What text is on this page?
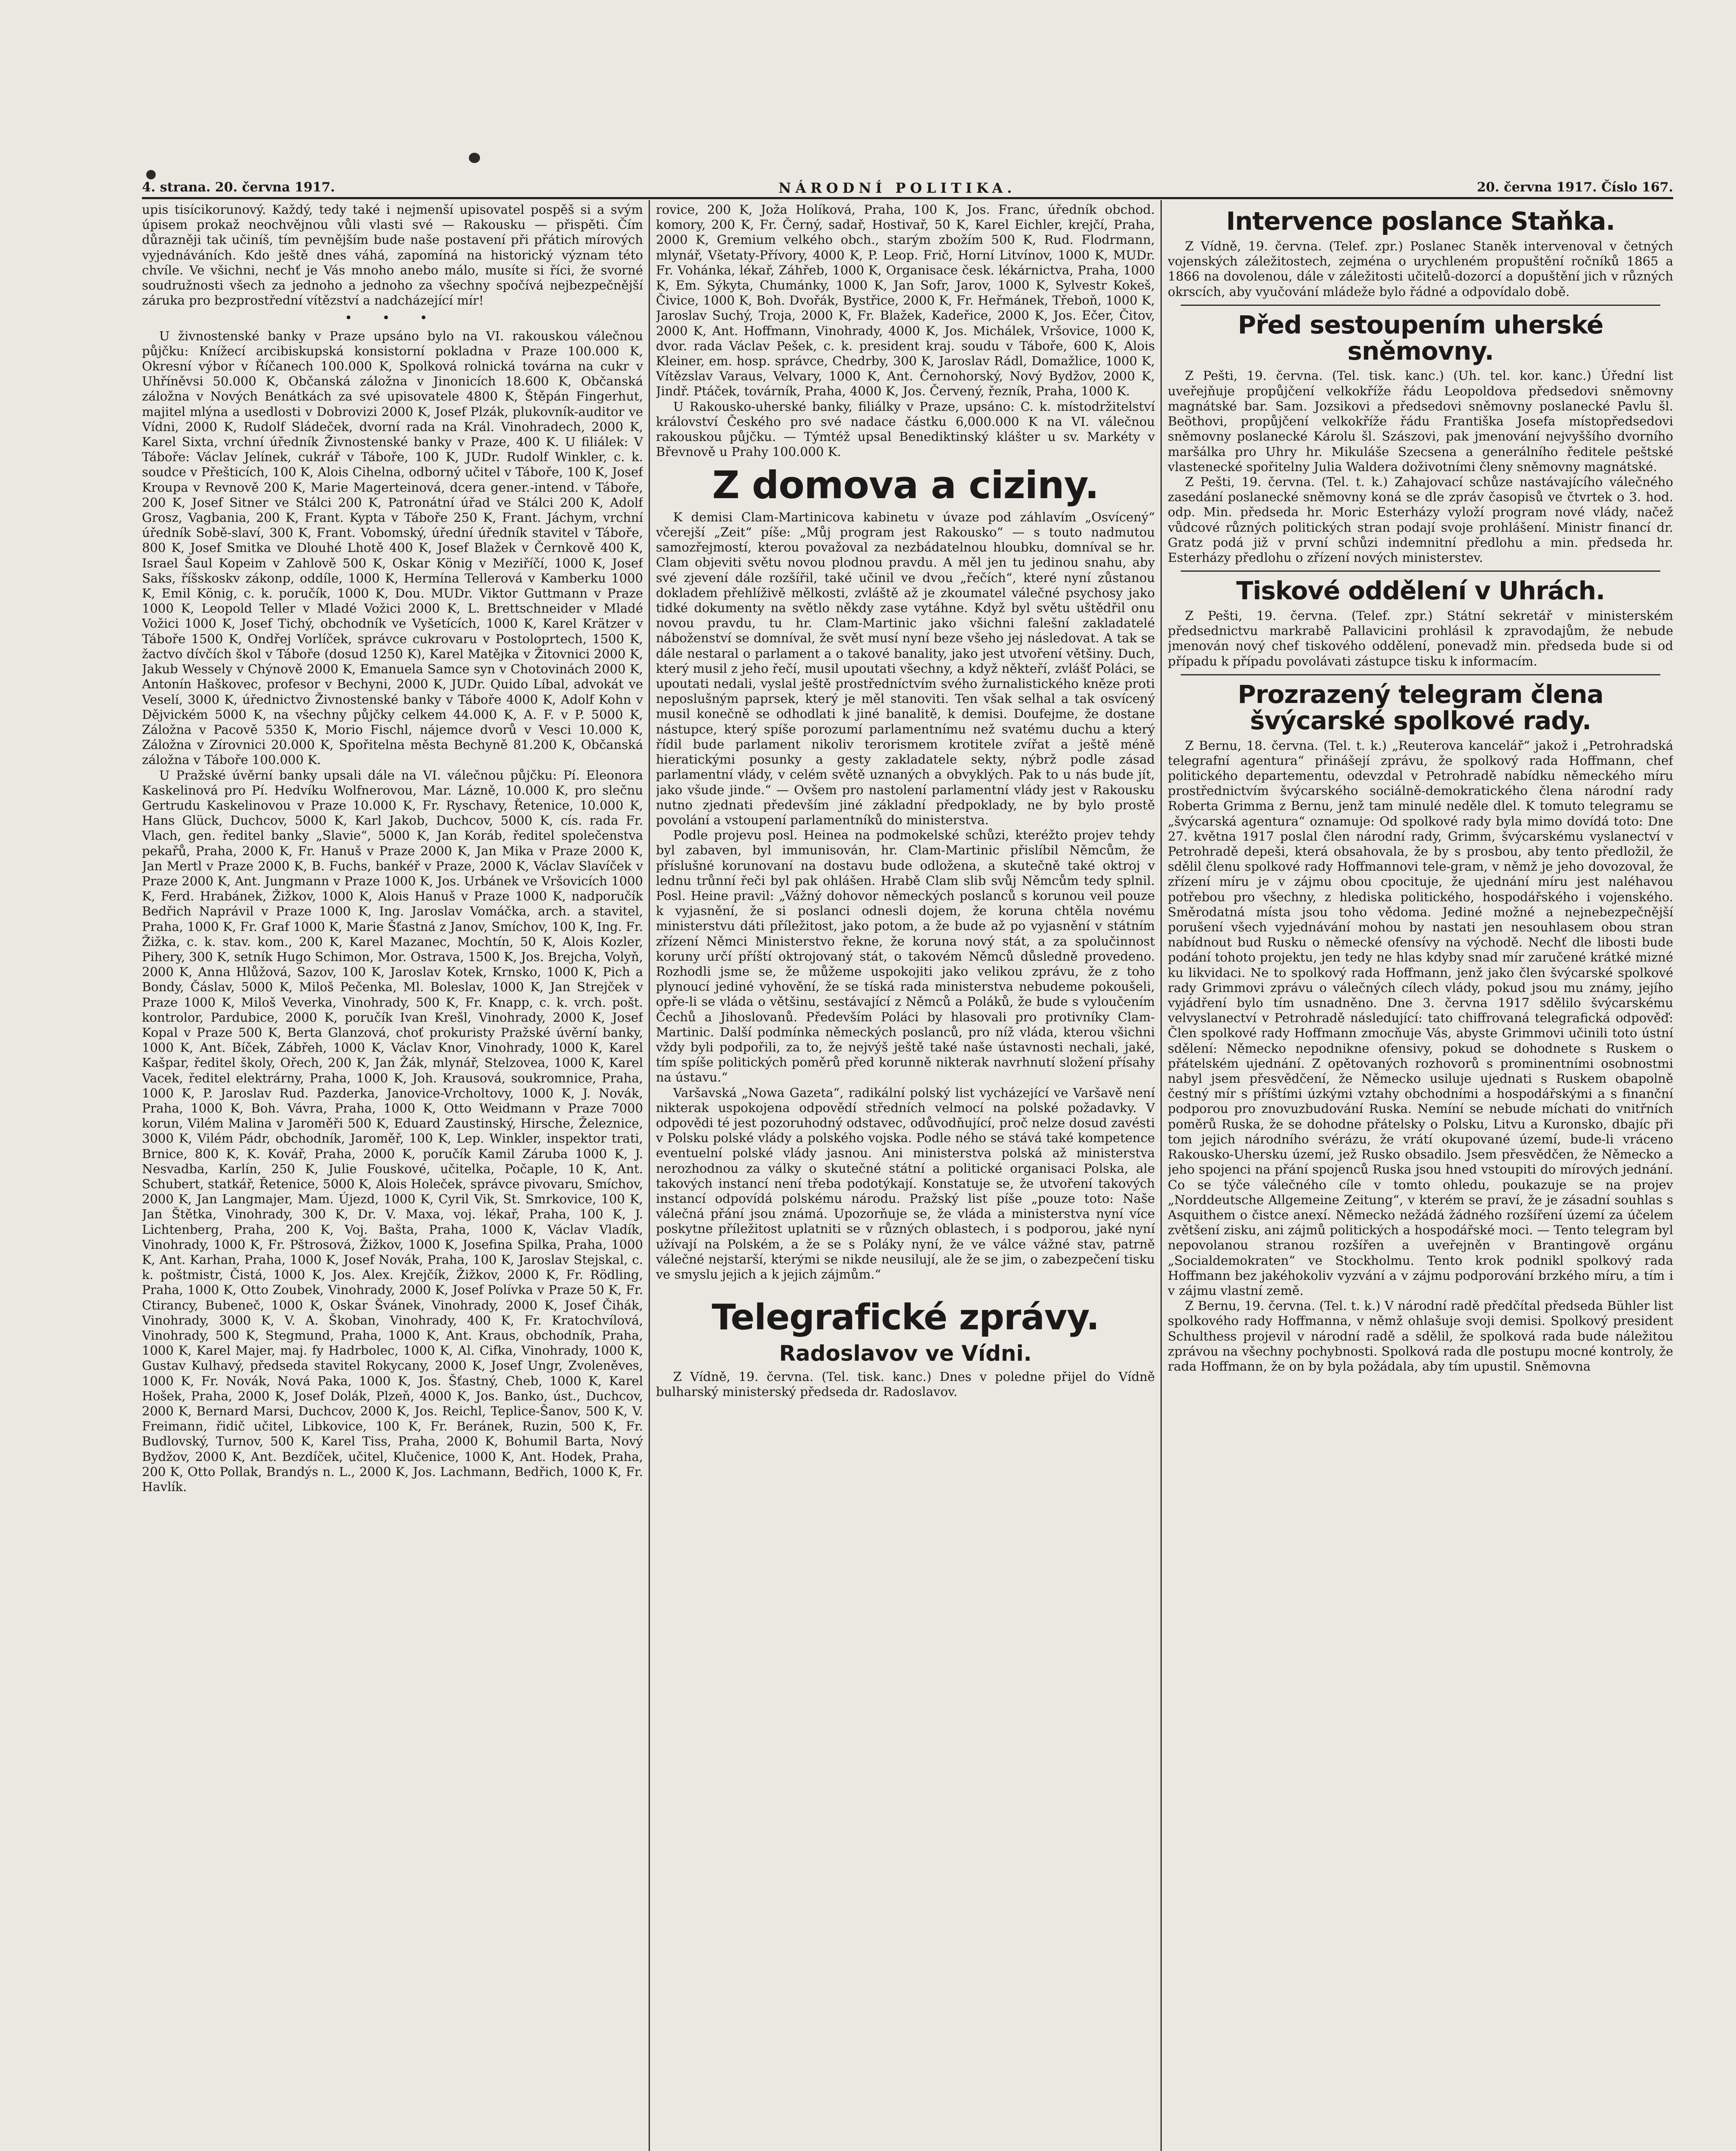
4. strana. 20. června 1917.	NÁRODNÍ POLITIKA.	20. června 1917. Číslo 167.

upis tisícikorunový. Každý, tedy také i nejmenší upisovatel pospěš si a svým úpisem prokaž neochvějnou vůli vlasti své — Rakousku — přispěti. Čím důrazněji tak učiníš, tím pevnějším bude naše postavení při přátich mírových vyjednáváních. Kdo ještě dnes váhá, zapomíná na historický význam této chvíle. Ve všichni, nechť je Vás mnoho anebo málo, musíte si říci, že svorné soudružnosti všech za jednoho a jednoho za všechny spočívá nejbezpečnější záruka pro bezprostřední vítězství a nadcházející mír!

• • •

U živnostenské banky v Praze upsáno bylo na VI. rakouskou válečnou půjčku: Knížecí arcibiskupská konsistorní pokladna v Praze 100.000 K, Okresní výbor v Říčanech 100.000 K, Spolková rolnická továrna na cukr v Uhříněvsi 50.000 K, Občanská záložna v Jinonicích 18.600 K, Občanská záložna v Nových Benátkách za své upisovatele 4800 K, Štěpán Fingerhut, majitel mlýna a usedlosti v Dobrovizi 2000 K, Josef Plzák, plukovník-auditor ve Vídni, 2000 K, Rudolf Sládeček, dvorní rada na Král. Vinohradech, 2000 K, Karel Sixta, vrchní úředník Živnostenské banky v Praze, 400 K. U filiálek: V Táboře: Václav Jelínek, cukrář v Táboře, 100 K, JUDr. Rudolf Winkler, c. k. soudce v Přešticích, 100 K, Alois Cihelna, odborný učitel v Táboře, 100 K, Josef Kroupa v Revnově 200 K, Marie Magerteinová, dcera gener.-intend. v Táboře, 200 K, Josef Sitner ve Stálci 200 K, Patronátní úřad ve Stálci 200 K, Adolf Grosz, Vagbania, 200 K, Frant. Kypta v Táboře 250 K, Frant. Jáchym, vrchní úředník Sobě-slaví, 300 K, Frant. Vobomský, úřední úředník stavitel v Táboře, 800 K, Josef Smitka ve Dlouhé Lhotě 400 K, Josef Blažek v Černkově 400 K, Israel Šaul Kopeim v Zahlově 500 K, Oskar König v Meziříčí, 1000 K, Josef Saks, říšskoskv zákonp, oddíle, 1000 K, Hermína Tellerová v Kamberku 1000 K, Emil König, c. k. poručík, 1000 K, Dou. MUDr. Viktor Guttmann v Praze 1000 K, Leopold Teller v Mladé Vožici 2000 K, L. Brettschneider v Mladé Vožici 1000 K, Josef Tichý, obchodník ve Vyšetících, 1000 K, Karel Krätzer v Táboře 1500 K, Ondřej Vorlíček, správce cukrovaru v Postoloprtech, 1500 K, žactvo dívčích škol v Táboře (dosud 1250 K), Karel Matějka v Žitovnici 2000 K, Jakub Wessely v Chýnově 2000 K, Emanuela Samce syn v Chotovinách 2000 K, Antonín Haškovec, profesor v Bechyni, 2000 K, JUDr. Quido Líbal, advokát ve Veselí, 3000 K, úřednictvo Živnostenské banky v Táboře 4000 K, Adolf Kohn v Dějvickém 5000 K, na všechny půjčky celkem 44.000 K, A. F. v P. 5000 K, Záložna v Pacově 5350 K, Morio Fischl, nájemce dvorů v Vesci 10.000 K, Záložna v Zírovnici 20.000 K, Spořitelna města Bechyně 81.200 K, Občanská záložna v Táboře 100.000 K.

U Pražské úvěrní banky upsali dále na VI. válečnou půjčku: Pí. Eleonora Kaskelinová pro Pí. Hedvíku Wolfnerovou, Mar. Lázně, 10.000 K, pro slečnu Gertrudu Kaskelinovou v Praze 10.000 K, Fr. Ryschavy, Řetenice, 10.000 K, Hans Glück, Duchcov, 5000 K, Karl Jakob, Duchcov, 5000 K, cís. rada Fr. Vlach, gen. ředitel banky „Slavie“, 5000 K, Jan Koráb, ředitel společenstva pekařů, Praha, 2000 K, Fr. Hanuš v Praze 2000 K, Jan Mika v Praze 2000 K, Jan Mertl v Praze 2000 K, B. Fuchs, bankéř v Praze, 2000 K, Václav Slavíček v Praze 2000 K, Ant. Jungmann v Praze 1000 K, Jos. Urbánek ve Vršovicích 1000 K, Ferd. Hrabánek, Žižkov, 1000 K, Alois Hanuš v Praze 1000 K, nadporučík Bedřich Naprávil v Praze 1000 K, Ing. Jaroslav Vomáčka, arch. a stavitel, Praha, 1000 K, Fr. Graf 1000 K, Marie Šťastná z Janov, Smíchov, 100 K, Ing. Fr. Žižka, c. k. stav. kom., 200 K, Karel Mazanec, Mochtín, 50 K, Alois Kozler, Pihery, 300 K, setník Hugo Schimon, Mor. Ostrava, 1500 K, Jos. Brejcha, Volyň, 2000 K, Anna Hlůžová, Sazov, 100 K, Jaroslav Kotek, Krnsko, 1000 K, Pich a Bondy, Čáslav, 5000 K, Miloš Pečenka, Ml. Boleslav, 1000 K, Jan Strejček v Praze 1000 K, Miloš Veverka, Vinohrady, 500 K, Fr. Knapp, c. k. vrch. pošt. kontrolor, Pardubice, 2000 K, poručík Ivan Krešl, Vinohrady, 2000 K, Josef Kopal v Praze 500 K, Berta Glanzová, choť prokuristy Pražské úvěrní banky, 1000 K, Ant. Bíček, Zábřeh, 1000 K, Václav Knor, Vinohrady, 1000 K, Karel Kašpar, ředitel školy, Ořech, 200 K, Jan Žák, mlynář, Stelzovea, 1000 K, Karel Vacek, ředitel elektrárny, Praha, 1000 K, Joh. Krausová, soukromnice, Praha, 1000 K, P. Jaroslav Rud. Pazderka, Janovice-Vrcholtovy, 1000 K, J. Novák, Praha, 1000 K, Boh. Vávra, Praha, 1000 K, Otto Weidmann v Praze 7000 korun, Vilém Malina v Jaroměři 500 K, Eduard Zaustinský, Hirsche, Železnice, 3000 K, Vilém Pádr, obchodník, Jaroměř, 100 K, Lep. Winkler, inspektor trati, Brnice, 800 K, K. Kovář, Praha, 2000 K, poručík Kamil Záruba 1000 K, J. Nesvadba, Karlín, 250 K, Julie Fouskové, učitelka, Počaple, 10 K, Ant. Schubert, statkář, Řetenice, 5000 K, Alois Holeček, správce pivovaru, Smíchov, 2000 K, Jan Langmajer, Mam. Újezd, 1000 K, Cyril Vik, St. Smrkovice, 100 K, Jan Štětka, Vinohrady, 300 K, Dr. V. Maxa, voj. lékař, Praha, 100 K, J. Lichtenberg, Praha, 200 K, Voj. Bašta, Praha, 1000 K, Václav Vladík, Vinohrady, 1000 K, Fr. Pštrosová, Žižkov, 1000 K, Josefina Spilka, Praha, 1000 K, Ant. Karhan, Praha, 1000 K, Josef Novák, Praha, 100 K, Jaroslav Stejskal, c. k. poštmistr, Čistá, 1000 K, Jos. Alex. Krejčík, Žižkov, 2000 K, Fr. Rödling, Praha, 1000 K, Otto Zoubek, Vinohrady, 2000 K, Josef Polívka v Praze 50 K, Fr. Ctirancy, Bubeneč, 1000 K, Oskar Švánek, Vinohrady, 2000 K, Josef Čihák, Vinohrady, 3000 K, V. A. Škoban, Vinohrady, 400 K, Fr. Kratochvílová, Vinohrady, 500 K, Stegmund, Praha, 1000 K, Ant. Kraus, obchodník, Praha, 1000 K, Karel Majer, maj. fy Hadrbolec, 1000 K, Al. Cifka, Vinohrady, 1000 K, Gustav Kulhavý, předseda stavitel Rokycany, 2000 K, Josef Ungr, Zvoleněves, 1000 K, Fr. Novák, Nová Paka, 1000 K, Jos. Šťastný, Cheb, 1000 K, Karel Hošek, Praha, 2000 K, Josef Dolák, Plzeň, 4000 K, Jos. Banko, úst., Duchcov, 2000 K, Bernard Marsi, Duchcov, 2000 K, Jos. Reichl, Teplice-Šanov, 500 K, V. Freimann, řidič učitel, Libkovice, 100 K, Fr. Beránek, Ruzin, 500 K, Fr. Budlovský, Turnov, 500 K, Karel Tiss, Praha, 2000 K, Bohumil Barta, Nový Bydžov, 2000 K, Ant. Bezdíček, učitel, Klučenice, 1000 K, Ant. Hodek, Praha, 200 K, Otto Pollak, Brandýs n. L., 2000 K, Jos. Lachmann, Bedřich, 1000 K, Fr. Havlík.

rovice, 200 K, Joža Holíková, Praha, 100 K, Jos. Franc, úředník obchod. komory, 200 K, Fr. Černý, sadař, Hostivař, 50 K, Karel Eichler, krejčí, Praha, 2000 K, Gremium velkého obch., starým zbožím 500 K, Rud. Flodrmann, mlynář, Všetaty-Přívory, 4000 K, P. Leop. Frič, Horní Litvínov, 1000 K, MUDr. Fr. Vohánka, lékař, Záhřeb, 1000 K, Organisace česk. lékárnictva, Praha, 1000 K, Em. Sýkyta, Chumánky, 1000 K, Jan Sofr, Jarov, 1000 K, Sylvestr Kokeš, Čivice, 1000 K, Boh. Dvořák, Bystřice, 2000 K, Fr. Heřmánek, Třeboň, 1000 K, Jaroslav Suchý, Troja, 2000 K, Fr. Blažek, Kadeřice, 2000 K, Jos. Ečer, Čitov, 2000 K, Ant. Hoffmann, Vinohrady, 4000 K, Jos. Michálek, Vršovice, 1000 K, dvor. rada Václav Pešek, c. k. president kraj. soudu v Táboře, 600 K, Alois Kleiner, em. hosp. správce, Chedrby, 300 K, Jaroslav Rádl, Domažlice, 1000 K, Vítězslav Varaus, Velvary, 1000 K, Ant. Černohorský, Nový Bydžov, 2000 K, Jindř. Ptáček, továrník, Praha, 4000 K, Jos. Červený, řezník, Praha, 1000 K.

U Rakousko-uherské banky, filiálky v Praze, upsáno: C. k. místodržitelství království Českého pro své nadace částku 6,000.000 K na VI. válečnou rakouskou půjčku. — Týmtéž upsal Benediktinský klášter u sv. Markéty v Břevnově u Prahy 100.000 K.

Z domova a ciziny.

K demisi Clam-Martinicova kabinetu v úvaze pod záhlavím „Osvícený“ včerejší „Zeit“ píše: „Můj program jest Rakousko“ — s touto nadmutou samozřejmostí, kterou považoval za nezbádatelnou hloubku, domníval se hr. Clam objeviti světu novou plodnou pravdu. A měl jen tu jedinou snahu, aby své zjevení dále rozšířil, také učinil ve dvou „řečích“, které nyní zůstanou dokladem přehlíživě mělkosti, zvláště až je zkoumatel válečné psychosy jako tidké dokumenty na světlo někdy zase vytáhne. Když byl světu uštědřil onu novou pravdu, tu hr. Clam-Martinic jako všichni falešní zakladatelé náboženství se domníval, že svět musí nyní beze všeho jej následovat. A tak se dále nestaral o parlament a o takové banality, jako jest utvoření většiny. Duch, který musil z jeho řečí, musil upoutati všechny, a když někteří, zvlášť Poláci, se upoutati nedali, vyslal ještě prostředníctvím svého žurnalistického kněze proti neposlušným paprsek, který je měl stanoviti. Ten však selhal a tak osvícený musil konečně se odhodlati k jiné banalitě, k demisi. Doufejme, že dostane nástupce, který spíše porozumí parlamentnímu než svatému duchu a který řídil bude parlament nikoliv terorismem krotitele zvířat a ještě méně hieratickými posunky a gesty zakladatele sekty, nýbrž podle zásad parlamentní vlády, v celém světě uznaných a obvyklých. Pak to u nás bude jít, jako všude jinde.“ — Ovšem pro nastolení parlamentní vlády jest v Rakousku nutno zjednati především jiné základní předpoklady, ne by bylo prostě povolání a vstoupení parlamentníků do ministerstva.

Podle projevu posl. Heinea na podmokelské schůzi, kteréžto projev tehdy byl zabaven, byl immunisován, hr. Clam-Martinic přislíbil Němcům, že příslušné korunovaní na dostavu bude odložena, a skutečně také oktroj v lednu trůnní řeči byl pak ohlášen. Hrabě Clam slib svůj Němcům tedy splnil. Posl. Heine pravil: „Vážný dohovor německých poslanců s korunou veil pouze k vyjasnění, že si poslanci odnesli dojem, že koruna chtěla novému ministerstvu dáti příležitost, jako potom, a že bude až po vyjasnění v státním zřízení Němci Ministerstvo řekne, že koruna nový stát, a za spolučinnost koruny určí příští oktrojovaný stát, o takovém Němců důsledně provedeno. Rozhodli jsme se, že můžeme uspokojiti jako velikou zprávu, že z toho plynoucí jediné vyhovění, že se tíská rada ministerstva nebudeme pokoušeli, opře-li se vláda o většinu, sestávající z Němců a Poláků, že bude s vyloučením Čechů a Jihoslovanů. Především Poláci by hlasovali pro protivníky Clam-Martinic. Další podmínka německých poslanců, pro níž vláda, kterou všichni vždy byli podpořili, za to, že nejvýš ještě také naše ústavnosti nechali, jaké, tím spíše politických poměrů před korunně nikterak navrhnutí složení přísahy na ústavu.“

Varšavská „Nowa Gazeta“, radikální polský list vycházející ve Varšavě není nikterak uspokojena odpovědí středních velmocí na polské požadavky. V odpovědi té jest pozoruhodný odstavec, odůvodňující, proč nelze dosud zavésti v Polsku polské vlády a polského vojska. Podle ného se stává také kompetence eventuelní polské vlády jasnou. Ani ministerstva polská až ministerstva nerozhodnou za války o skutečné státní a politické organisaci Polska, ale takových instancí není třeba podotýkají. Konstatuje se, že utvoření takových instancí odpovídá polskému národu. Pražský list píše „pouze toto: Naše válečná přání jsou známá. Upozorňuje se, že vláda a ministerstva nyní více poskytne příležitost uplatniti se v různých oblastech, i s podporou, jaké nyní užívají na Polském, a že se s Poláky nyní, že ve válce vážné stav, patrně válečné nejstarší, kterými se nikde neusilují, ale že se jim, o zabezpečení tisku ve smyslu jejich a k jejich zájmům.“

Telegrafické zprávy.
Radoslavov ve Vídni.

Z Vídně, 19. června. (Tel. tisk. kanc.) Dnes v poledne přijel do Vídně bulharský ministerský předseda dr. Radoslavov.

Intervence poslance Staňka.

Z Vídně, 19. června. (Telef. zpr.) Poslanec Staněk intervenoval v četných vojenských záležitostech, zejména o urychleném propuštění ročníků 1865 a 1866 na dovolenou, dále v záležitosti učitelů-dozorcí a dopuštění jich v různých okrscích, aby vyučování mládeže bylo řádné a odpovídalo době.

Před sestoupením uherské sněmovny.

Z Pešti, 19. června. (Tel. tisk. kanc.) (Uh. tel. kor. kanc.) Úřední list uveřejňuje propůjčení velkokříže řádu Leopoldova předsedovi sněmovny magnátské bar. Sam. Jozsikovi a předsedovi sněmovny poslanecké Pavlu šl. Beöthovi, propůjčení velkokříže řádu Františka Josefa místopředsedovi sněmovny poslanecké Károlu šl. Szászovi, pak jmenování nejvyššího dvorního maršálka pro Uhry hr. Mikuláše Szecsena a generálního ředitele peštské vlastenecké spořitelny Julia Waldera doživotními členy sněmovny magnátské.

Z Pešti, 19. června. (Tel. t. k.) Zahajovací schůze nastávajícího válečného zasedání poslanecké sněmovny koná se dle zpráv časopisů ve čtvrtek o 3. hod. odp. Min. předseda hr. Moric Esterházy vyloží program nové vlády, načež vůdcové různých politických stran podají svoje prohlášení. Ministr financí dr. Gratz podá již v první schůzi indemnitní předlohu a min. předseda hr. Esterházy předlohu o zřízení nových ministerstev.

Tiskové oddělení v Uhrách.

Z Pešti, 19. června. (Telef. zpr.) Státní sekretář v ministerském předsednictvu markrabě Pallavicini prohlásil k zpravodajům, že nebude jmenován nový chef tiskového oddělení, ponevadž min. předseda bude si od případu k případu povolávati zástupce tisku k informacím.

Prozrazený telegram člena švýcarské spolkové rady.

Z Bernu, 18. června. (Tel. t. k.) „Reuterova kancelář“ jakož i „Petrohradská telegrafní agentura“ přinášejí zprávu, že spolkový rada Hoffmann, chef politického departementu, odevzdal v Petrohradě nabídku německého míru prostřednictvím švýcarského sociálně-demokratického člena národní rady Roberta Grimma z Bernu, jenž tam minulé neděle dlel. K tomuto telegramu se „švýcarská agentura“ oznamuje: Od spolkové rady byla mimo dovídá toto: Dne 27. května 1917 poslal člen národní rady, Grimm, švýcarskému vyslanectví v Petrohradě depeši, která obsahovala, že by s prosbou, aby tento předložil, že sdělil členu spolkové rady Hoffmannovi tele-gram, v němž je jeho dovozoval, že zřízení míru je v zájmu obou cpocituje, že ujednání míru jest naléhavou potřebou pro všechny, z hlediska politického, hospodářského i vojenského. Směrodatná místa jsou toho vědoma. Jediné možné a nejnebezpečnější porušení všech vyjednávání mohou by nastati jen nesouhlasem obou stran nabídnout bud Rusku o německé ofensívy na východě. Nechť dle libosti bude podání tohoto projektu, jen tedy ne hlas kdyby snad mír zaručené krátké mizné ku likvidaci. Ne to spolkový rada Hoffmann, jenž jako člen švýcarské spolkové rady Grimmovi zprávu o válečných cílech vlády, pokud jsou mu známy, jejího vyjádření bylo tím usnadněno. Dne 3. června 1917 sdělilo švýcarskému velvyslanectví v Petrohradě následující: tato chiffrovaná telegrafická odpověď: Člen spolkové rady Hoffmann zmocňuje Vás, abyste Grimmovi učinili toto ústní sdělení: Německo nepodnikne ofensivy, pokud se dohodnete s Ruskem o přátelském ujednání. Z opětovaných rozhovorů s prominentními osobnostmi nabyl jsem přesvědčení, že Německo usiluje ujednati s Ruskem obapolně čestný mír s příštími úzkými vztahy obchodními a hospodářskými a s finanční podporou pro znovuzbudování Ruska. Nemíní se nebude míchati do vnitřních poměrů Ruska, že se dohodne přátelsky o Polsku, Litvu a Kuronsko, dbajíc při tom jejich národního svérázu, že vrátí okupované území, bude-li vráceno Rakousko-Uhersku území, jež Rusko obsadilo. Jsem přesvědčen, že Německo a jeho spojenci na přání spojenců Ruska jsou hned vstoupiti do mírových jednání. Co se týče válečného cíle v tomto ohledu, poukazuje se na projev „Norddeutsche Allgemeine Zeitung“, v kterém se praví, že je zásadní souhlas s Asquithem o čistce anexí. Německo nežádá žádného rozšíření území za účelem zvětšení zisku, ani zájmů politických a hospodářské moci. — Tento telegram byl nepovolanou stranou rozšířen a uveřejněn v Brantingově orgánu „Socialdemokraten“ ve Stockholmu. Tento krok podnikl spolkový rada Hoffmann bez jakéhokoliv vyzvání a v zájmu podporování brzkého míru, a tím i v zájmu vlastní země.

Z Bernu, 19. června. (Tel. t. k.) V národní radě předčítal předseda Bühler list spolkového rady Hoffmanna, v němž ohlašuje svoji demisi. Spolkový president Schulthess projevil v národní radě a sdělil, že spolková rada bude náležitou zprávou na všechny pochybnosti. Spolková rada dle postupu mocné kontroly, že rada Hoffmann, že on by byla požádala, aby tím upustil. Sněmovna
